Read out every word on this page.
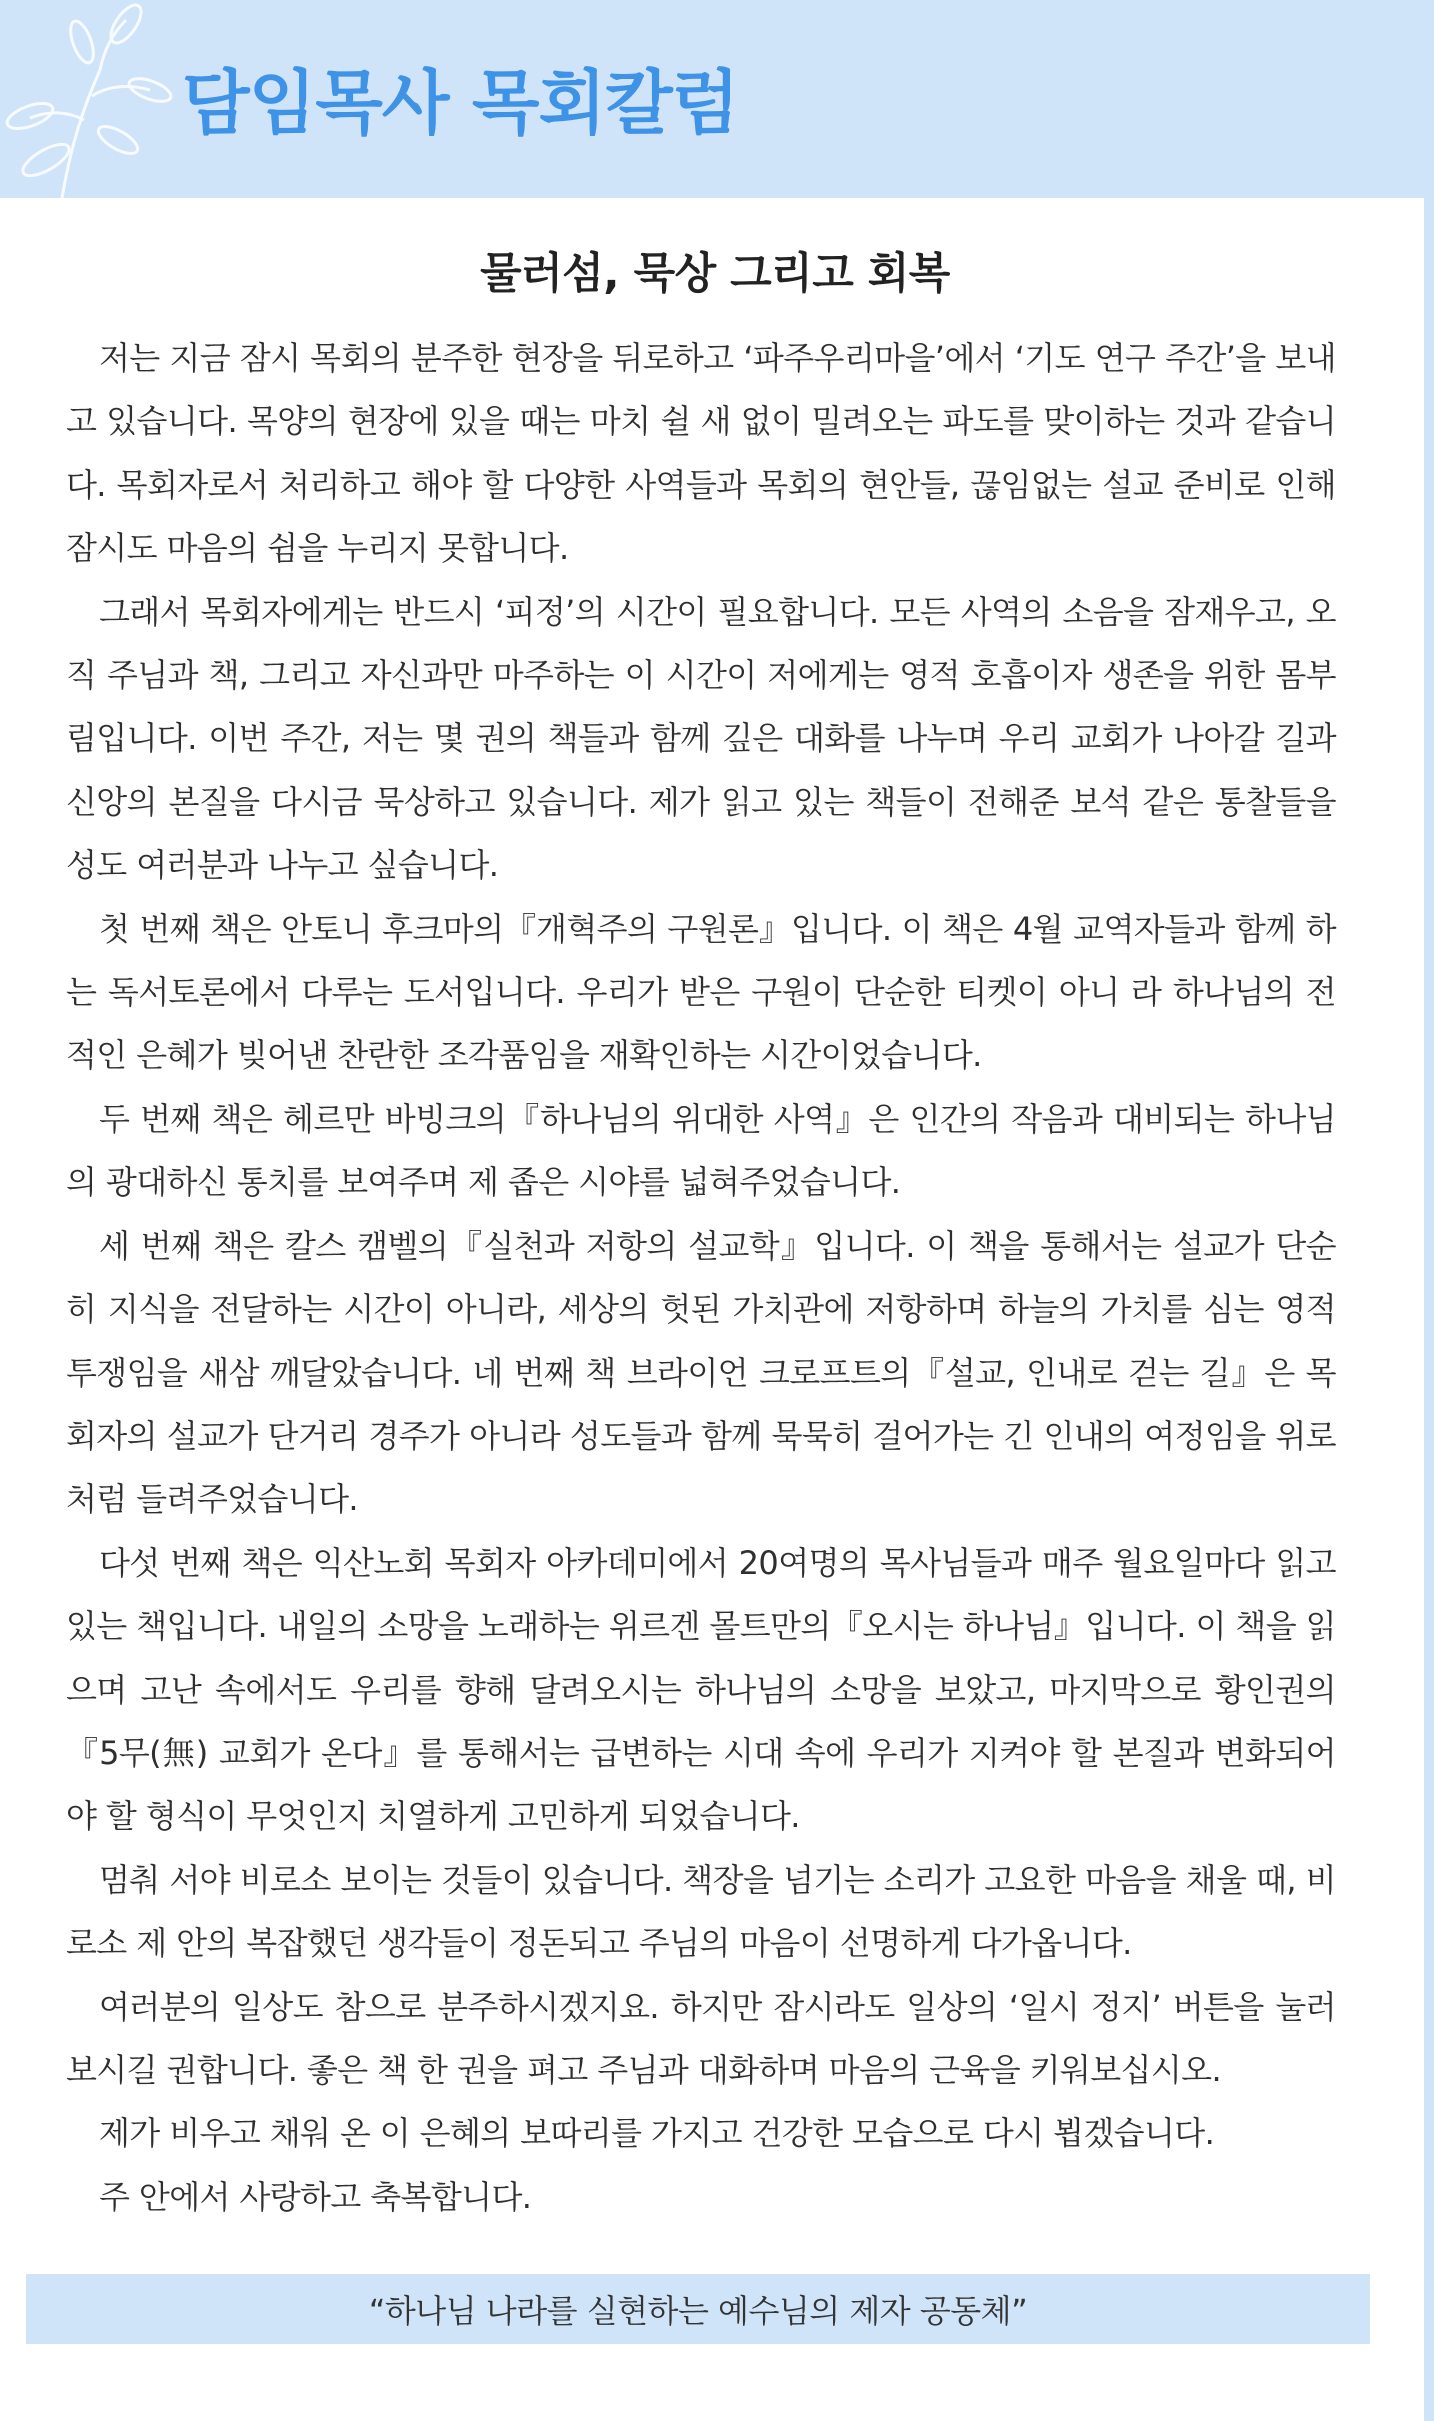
담임목사 목회칼럼
물러섬, 묵상 그리고 회복

저는 지금 잠시 목회의 분주한 현장을 뒤로하고 ‘파주우리마을’에서 ‘기도 연구 주간’을 보내고 있습니다. 목양의 현장에 있을 때는 마치 쉴 새 없이 밀려오는 파도를 맞이하는 것과 같습니다. 목회자로서 처리하고 해야 할 다양한 사역들과 목회의 현안들, 끊임없는 설교 준비로 인해 잠시도 마음의 쉼을 누리지 못합니다.

그래서 목회자에게는 반드시 ‘피정’의 시간이 필요합니다. 모든 사역의 소음을 잠재우고, 오직 주님과 책, 그리고 자신과만 마주하는 이 시간이 저에게는 영적 호흡이자 생존을 위한 몸부림입니다. 이번 주간, 저는 몇 권의 책들과 함께 깊은 대화를 나누며 우리 교회가 나아갈 길과 신앙의 본질을 다시금 묵상하고 있습니다. 제가 읽고 있는 책들이 전해준 보석 같은 통찰들을 성도 여러분과 나누고 싶습니다.

첫 번째 책은 안토니 후크마의『개혁주의 구원론』입니다. 이 책은 4월 교역자들과 함께 하는 독서토론에서 다루는 도서입니다. 우리가 받은 구원이 단순한 티켓이 아니 라 하나님의 전적인 은혜가 빚어낸 찬란한 조각품임을 재확인하는 시간이었습니다.

두 번째 책은 헤르만 바빙크의『하나님의 위대한 사역』은 인간의 작음과 대비되는 하나님의 광대하신 통치를 보여주며 제 좁은 시야를 넓혀주었습니다.

세 번째 책은 칼스 캠벨의『실천과 저항의 설교학』입니다. 이 책을 통해서는 설교가 단순히 지식을 전달하는 시간이 아니라, 세상의 헛된 가치관에 저항하며 하늘의 가치를 심는 영적 투쟁임을 새삼 깨달았습니다. 네 번째 책 브라이언 크로프트의『설교, 인내로 걷는 길』은 목회자의 설교가 단거리 경주가 아니라 성도들과 함께 묵묵히 걸어가는 긴 인내의 여정임을 위로처럼 들려주었습니다.

다섯 번째 책은 익산노회 목회자 아카데미에서 20여명의 목사님들과 매주 월요일마다 읽고 있는 책입니다. 내일의 소망을 노래하는 위르겐 몰트만의『오시는 하나님』입니다. 이 책을 읽으며 고난 속에서도 우리를 향해 달려오시는 하나님의 소망을 보았고, 마지막으로 황인권의『5무(無) 교회가 온다』를 통해서는 급변하는 시대 속에 우리가 지켜야 할 본질과 변화되어야 할 형식이 무엇인지 치열하게 고민하게 되었습니다.

멈춰 서야 비로소 보이는 것들이 있습니다. 책장을 넘기는 소리가 고요한 마음을 채울 때, 비로소 제 안의 복잡했던 생각들이 정돈되고 주님의 마음이 선명하게 다가옵니다.

여러분의 일상도 참으로 분주하시겠지요. 하지만 잠시라도 일상의 ‘일시 정지’ 버튼을 눌러보시길 권합니다. 좋은 책 한 권을 펴고 주님과 대화하며 마음의 근육을 키워보십시오.

제가 비우고 채워 온 이 은혜의 보따리를 가지고 건강한 모습으로 다시 뵙겠습니다.

주 안에서 사랑하고 축복합니다.

“하나님 나라를 실현하는 예수님의 제자 공동체”
